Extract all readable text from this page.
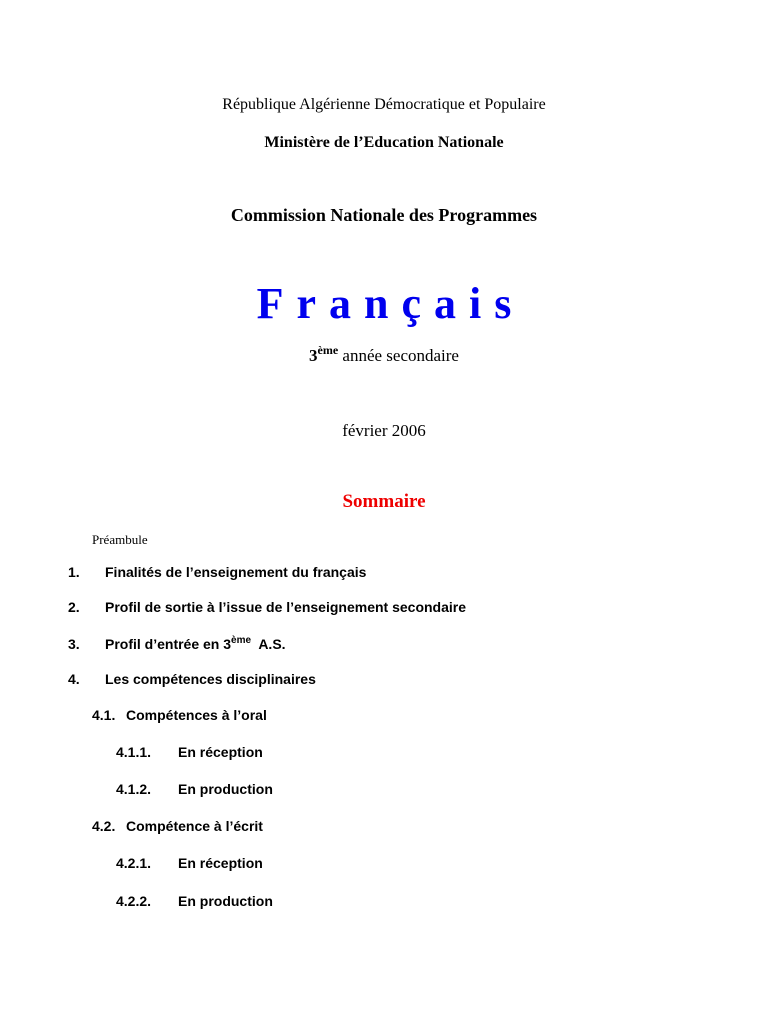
République Algérienne Démocratique et Populaire
Ministère de l’Education Nationale
Commission Nationale des Programmes
Français
3ème année secondaire
février 2006
Sommaire
Préambule
1. Finalités de l’enseignement du français
2. Profil de sortie à l’issue de l’enseignement secondaire
3. Profil d’entrée en 3ème  A.S.
4. Les compétences disciplinaires
4.1. Compétences à l’oral
4.1.1. En réception
4.1.2. En production
4.2. Compétence à l’écrit
4.2.1. En réception
4.2.2. En production
